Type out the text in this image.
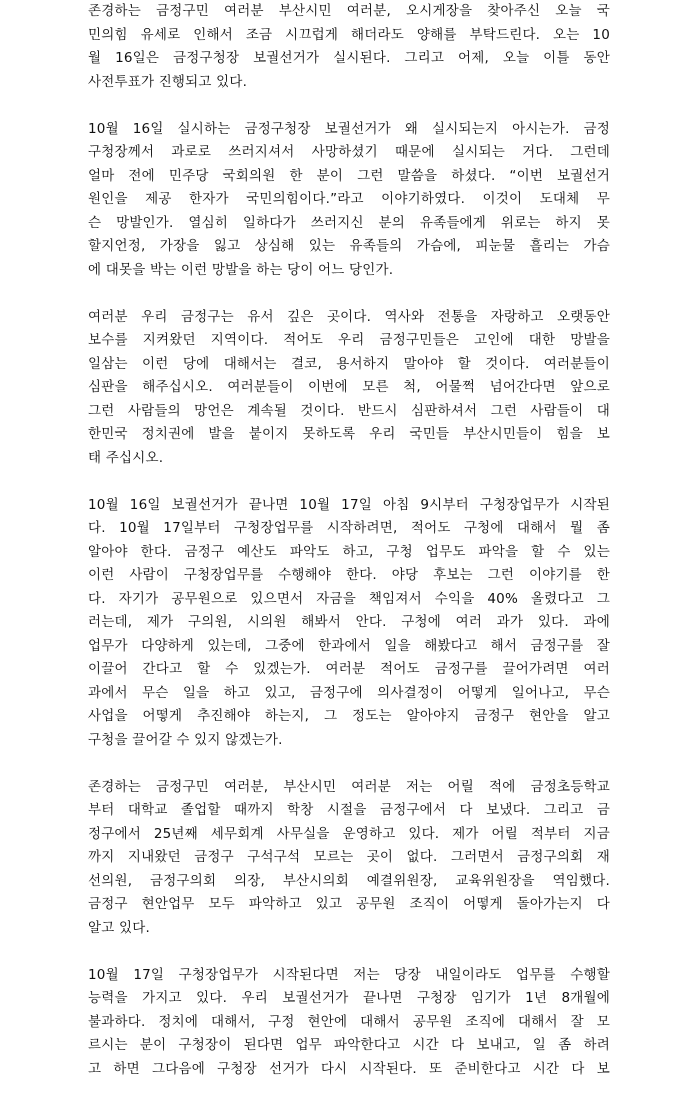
존경하는 금정구민 여러분 부산시민 여러분, 오시게장을 찾아주신 오늘 국
민의힘 유세로 인해서 조금 시끄럽게 해더라도 양해를 부탁드린다. 오는 10
월 16일은 금정구청장 보궐선거가 실시된다. 그리고 어제, 오늘 이틀 동안
사전투표가 진행되고 있다.
10월 16일 실시하는 금정구청장 보궐선거가 왜 실시되는지 아시는가. 금정
구청장께서 과로로 쓰러지셔서 사망하셨기 때문에 실시되는 거다. 그런데
얼마 전에 민주당 국회의원 한 분이 그런 말씀을 하셨다. “이번 보궐선거
원인을 제공 한자가 국민의힘이다.”라고 이야기하였다. 이것이 도대체 무
슨 망발인가. 열심히 일하다가 쓰러지신 분의 유족들에게 위로는 하지 못
할지언정, 가장을 잃고 상심해 있는 유족들의 가슴에, 피눈물 흘리는 가슴
에 대못을 박는 이런 망발을 하는 당이 어느 당인가.
여러분 우리 금정구는 유서 깊은 곳이다. 역사와 전통을 자랑하고 오랫동안
보수를 지켜왔던 지역이다. 적어도 우리 금정구민들은 고인에 대한 망발을
일삼는 이런 당에 대해서는 결코, 용서하지 말아야 할 것이다. 여러분들이
심판을 해주십시오. 여러분들이 이번에 모른 척, 어물쩍 넘어간다면 앞으로
그런 사람들의 망언은 계속될 것이다. 반드시 심판하셔서 그런 사람들이 대
한민국 정치권에 발을 붙이지 못하도록 우리 국민들 부산시민들이 힘을 보
태 주십시오.
10월 16일 보궐선거가 끝나면 10월 17일 아침 9시부터 구청장업무가 시작된
다. 10월 17일부터 구청장업무를 시작하려면, 적어도 구청에 대해서 뭘 좀
알아야 한다. 금정구 예산도 파악도 하고, 구청 업무도 파악을 할 수 있는
이런 사람이 구청장업무를 수행해야 한다. 야당 후보는 그런 이야기를 한
다. 자기가 공무원으로 있으면서 자금을 책임져서 수익을 40% 올렸다고 그
러는데, 제가 구의원, 시의원 해봐서 안다. 구청에 여러 과가 있다. 과에
업무가 다양하게 있는데, 그중에 한과에서 일을 해봤다고 해서 금정구를 잘
이끌어 간다고 할 수 있겠는가. 여러분 적어도 금정구를 끌어가려면 여러
과에서 무슨 일을 하고 있고, 금정구에 의사결정이 어떻게 일어나고, 무슨
사업을 어떻게 추진해야 하는지, 그 정도는 알아야지 금정구 현안을 알고
구청을 끌어갈 수 있지 않겠는가.
존경하는 금정구민 여러분, 부산시민 여러분 저는 어릴 적에 금정초등학교
부터 대학교 졸업할 때까지 학창 시절을 금정구에서 다 보냈다. 그리고 금
정구에서 25년째 세무회계 사무실을 운영하고 있다. 제가 어릴 적부터 지금
까지 지내왔던 금정구 구석구석 모르는 곳이 없다. 그러면서 금정구의회 재
선의원, 금정구의회 의장, 부산시의회 예결위원장, 교육위원장을 역임했다.
금정구 현안업무 모두 파악하고 있고 공무원 조직이 어떻게 돌아가는지 다
알고 있다.
10월 17일 구청장업무가 시작된다면 저는 당장 내일이라도 업무를 수행할
능력을 가지고 있다. 우리 보궐선거가 끝나면 구청장 임기가 1년 8개월에
불과하다. 정치에 대해서, 구정 현안에 대해서 공무원 조직에 대해서 잘 모
르시는 분이 구청장이 된다면 업무 파악한다고 시간 다 보내고, 일 좀 하려
고 하면 그다음에 구청장 선거가 다시 시작된다. 또 준비한다고 시간 다 보
